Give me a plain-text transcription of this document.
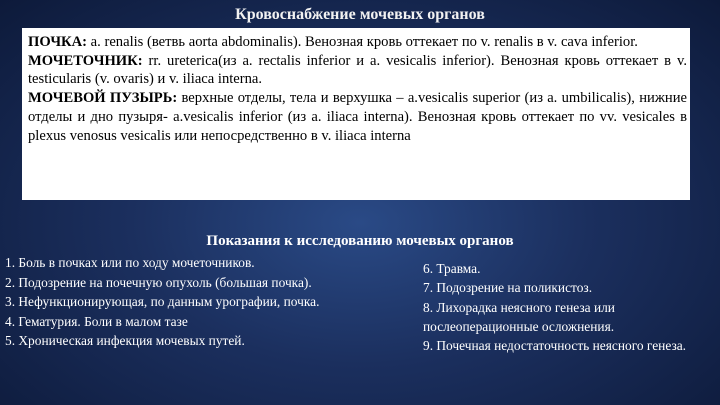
Кровоснабжение мочевых органов

ПОЧКА: a. renalis (ветвь aorta abdominalis). Венозная кровь оттекает по v. renalis в v. cava inferior.

МОЧЕТОЧНИК: rr. ureterica(из a. rectalis inferior и a. vesicalis inferior). Венозная кровь оттекает в v. testicularis (v. ovaris) и v. iliaca interna.

МОЧЕВОЙ ПУЗЫРЬ: верхные отделы, тела и верхушка – a.vesicalis superior (из a. umbilicalis), нижние отделы и дно пузыря- a.vesicalis inferior (из a. iliaca interna). Венозная кровь оттекает по vv. vesicales в plexus venosus vesicalis или непосредственно в v. iliaca interna

Показания к исследованию мочевых органов
1. Боль в почках или по ходу мочеточников.
2. Подозрение на почечную опухоль (большая почка).
3. Нефункционирующая, по данным урографии, почка.
4. Гематурия. Боли в малом тазе
5. Хроническая инфекция мочевых путей.
6. Травма.
7. Подозрение на поликистоз.
8. Лихорадка неясного генеза или послеоперационные осложнения.
9. Почечная недостаточность неясного генеза.
